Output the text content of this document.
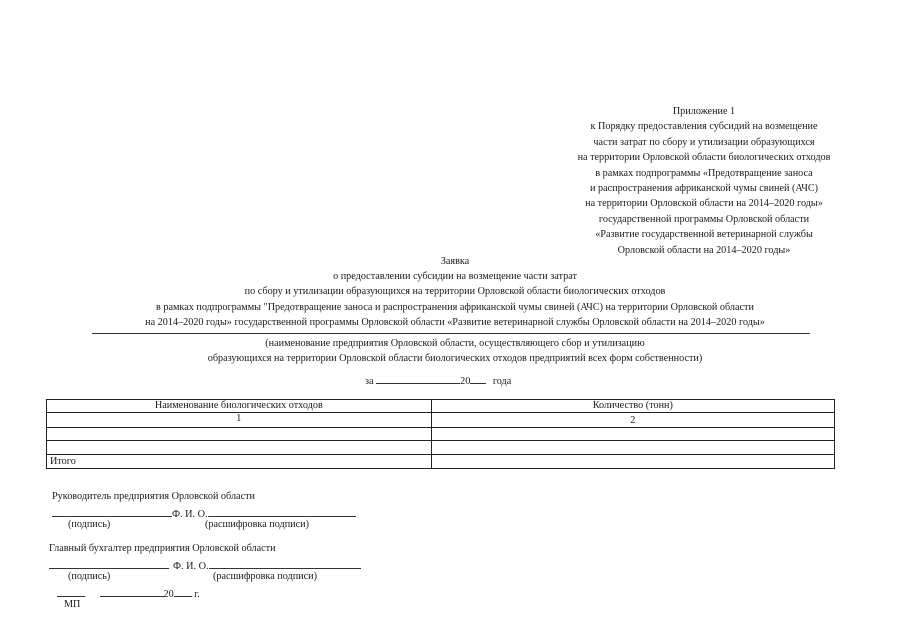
Приложение 1
к Порядку предоставления субсидий на возмещение
части затрат по сбору и утилизации образующихся
на территории Орловской области биологических отходов
в рамках подпрограммы «Предотвращение заноса
и распространения африканской чумы свиней (АЧС)
на территории Орловской области на 2014–2020 годы»
государственной программы Орловской области
«Развитие государственной ветеринарной службы
Орловской области на 2014–2020 годы»
Заявка
о предоставлении субсидии на возмещение части затрат
по сбору и утилизации образующихся на территории Орловской области биологических отходов
в рамках подпрограммы "Предотвращение заноса и распространения африканской чумы свиней (АЧС) на территории Орловской области
на 2014–2020 годы» государственной программы Орловской области «Развитие ветеринарной службы Орловской области на 2014–2020 годы»
(наименование предприятия Орловской области, осуществляющего сбор и утилизацию
образующихся на территории Орловской области биологических отходов предприятий всех форм собственности)
за	20 года
Наименование биологических отходов	Количество (тонн)
1	2

Итого	
Руководитель предприятия Орловской области
Ф. И. О.
(подпись)	(расшифровка подписи)
Главный бухгалтер предприятия Орловской области
Ф. И. О.
(подпись)	(расшифровка подписи)
20 г.
МП
